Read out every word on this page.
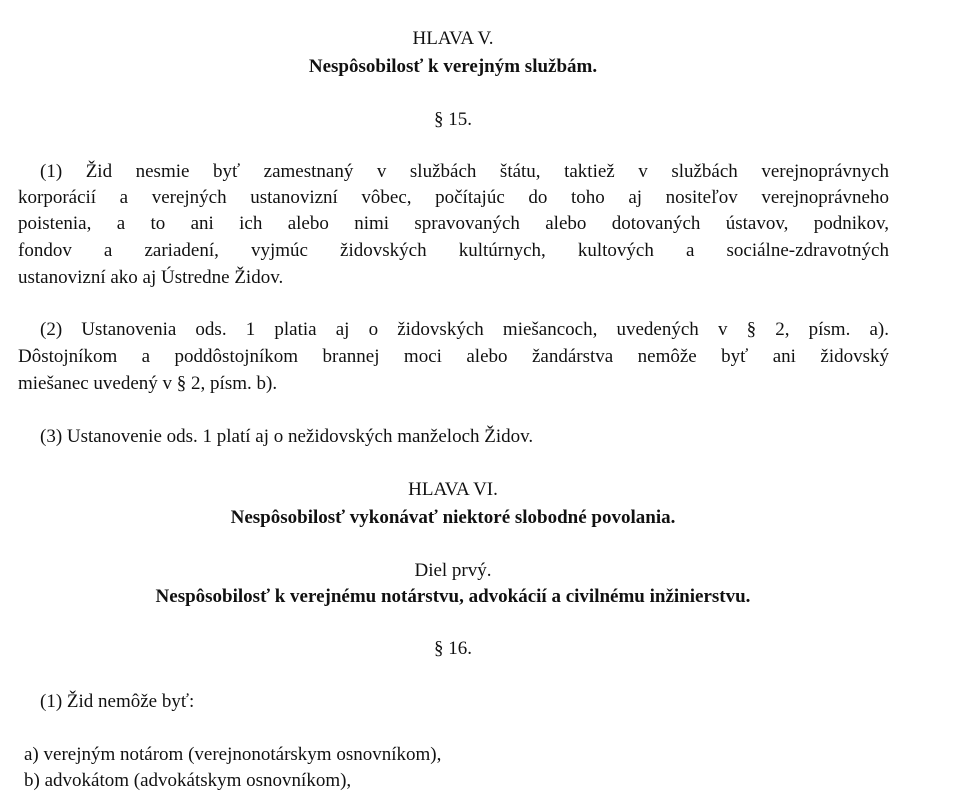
HLAVA V.
Nespôsobilosť k verejným službám.
§ 15.
(1) Žid nesmie byť zamestnaný v službách štátu, taktiež v službách verejnoprávnych
korporácií a verejných ustanovizní vôbec, počítajúc do toho aj nositeľov verejnoprávneho
poistenia, a to ani ich alebo nimi spravovaných alebo dotovaných ústavov, podnikov,
fondov a zariadení, vyjmúc židovských kultúrnych, kultových a sociálne-zdravotných
ustanovizní ako aj Ústredne Židov.
(2) Ustanovenia ods. 1 platia aj o židovských miešancoch, uvedených v § 2, písm. a).
Dôstojníkom a poddôstojníkom brannej moci alebo žandárstva nemôže byť ani židovský
miešanec uvedený v § 2, písm. b).
(3) Ustanovenie ods. 1 platí aj o nežidovských manželoch Židov.
HLAVA VI.
Nespôsobilosť vykonávať niektoré slobodné povolania.
Diel prvý.
Nespôsobilosť k verejnému notárstvu, advokácií a civilnému inžinierstvu.
§ 16.
(1) Žid nemôže byť:
a) verejným notárom (verejnonotárskym osnovníkom),
b) advokátom (advokátskym osnovníkom),
